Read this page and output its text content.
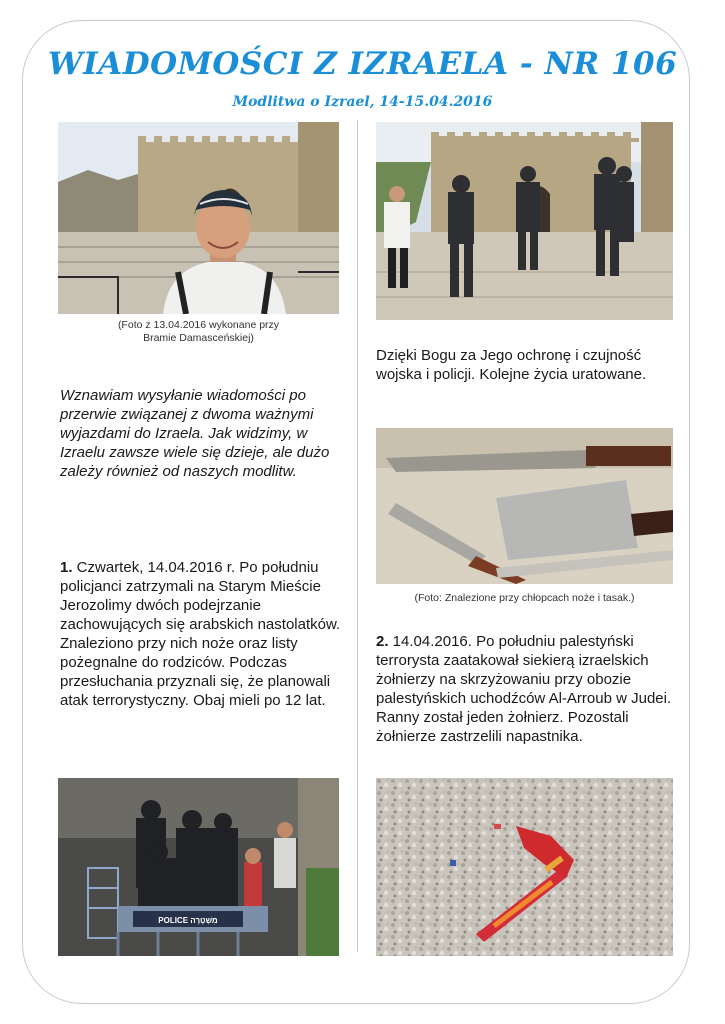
WIADOMOŚCI Z IZRAELA - NR 106
Modlitwa o Izrael, 14-15.04.2016
(Foto z 13.04.2016 wykonane przy
Bramie Damasceńskiej)
Dzięki Bogu za Jego ochronę i czujność wojska i policji. Kolejne życia uratowane.
(Foto: Znalezione przy chłopcach noże i tasak.)
Wznawiam wysyłanie wiadomości po przerwie związanej z dwoma ważnymi wyjazdami do Izraela. Jak widzimy, w Izraelu zawsze wiele się dzieje, ale dużo zależy również od naszych modlitw.
1. Czwartek, 14.04.2016 r. Po południu policjanci zatrzymali na Starym Mieście Jerozolimy dwóch podejrzanie zachowujących się arabskich nastolatków. Znaleziono przy nich noże oraz listy pożegnalne do rodziców. Podczas przesłuchania przyznali się, że planowali atak terrorystyczny. Obaj mieli po 12 lat.
2. 14.04.2016. Po południu palestyński terrorysta zaatakował siekierą izraelskich żołnierzy na skrzyżowaniu przy obozie palestyńskich uchodźców Al-Arroub w Judei. Ranny został jeden żołnierz. Pozostali żołnierze zastrzelili napastnika.
POLICE מִשְׁטָרָה
